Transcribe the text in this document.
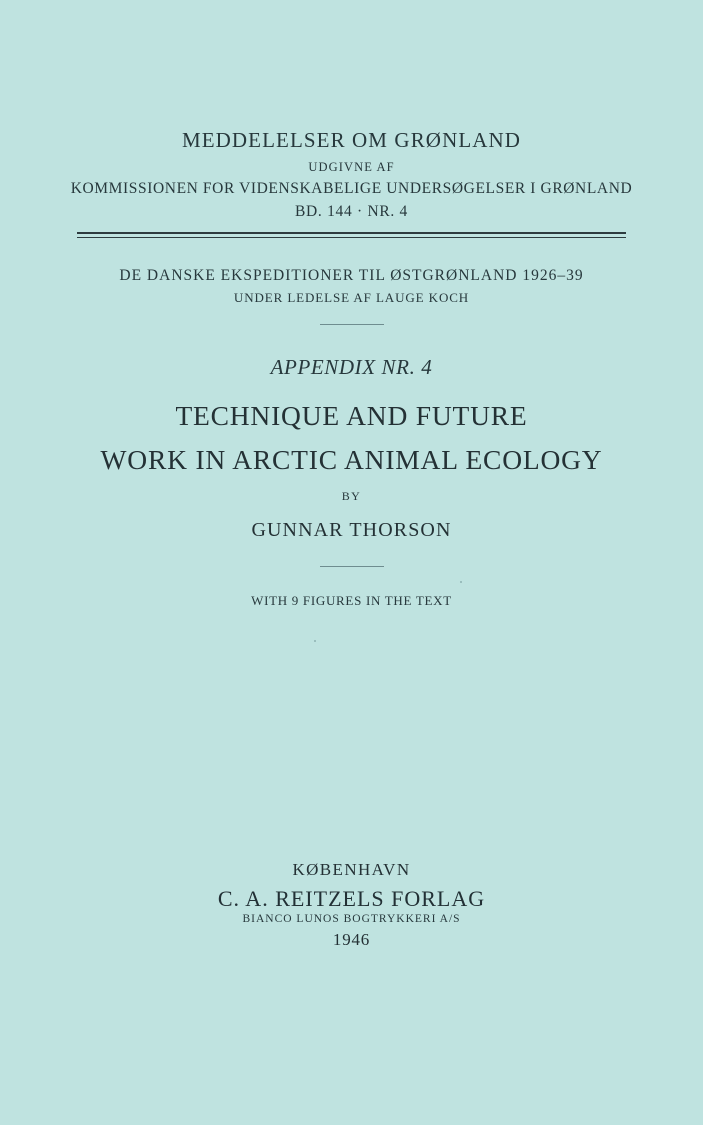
MEDDELELSER OM GRØNLAND
UDGIVNE AF
KOMMISSIONEN FOR VIDENSKABELIGE UNDERSØGELSER I GRØNLAND
BD. 144 · NR. 4
DE DANSKE EKSPEDITIONER TIL ØSTGRØNLAND 1926–39
UNDER LEDELSE AF LAUGE KOCH
APPENDIX NR. 4
TECHNIQUE AND FUTURE
WORK IN ARCTIC ANIMAL ECOLOGY
BY
GUNNAR THORSON
WITH 9 FIGURES IN THE TEXT
KØBENHAVN
C. A. REITZELS FORLAG
BIANCO LUNOS BOGTRYKKERI A/S
1946
